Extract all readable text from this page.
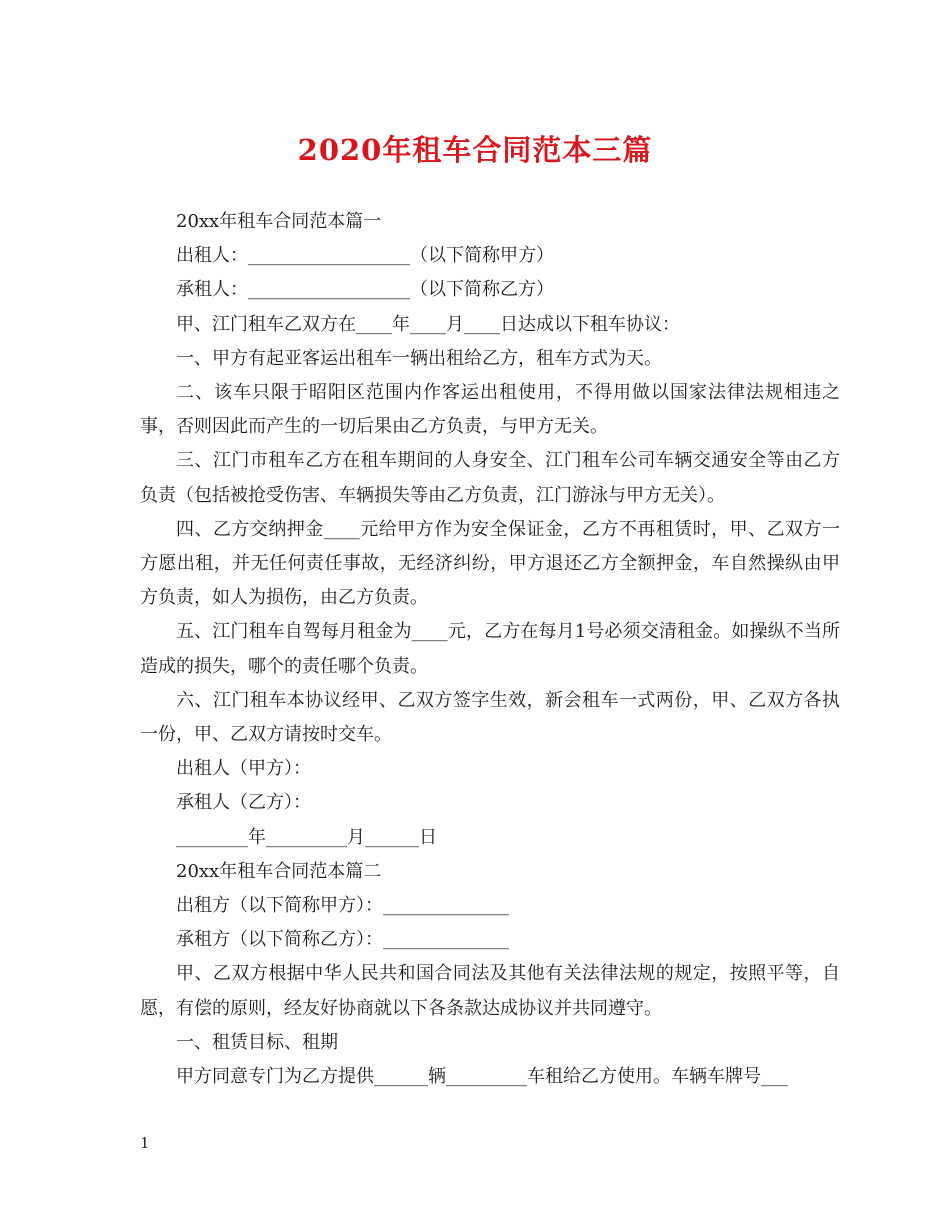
2020年租车合同范本三篇

20xx年租车合同范本篇一

出租人：__________________（以下简称甲方）

承租人：__________________（以下简称乙方）

甲、江门租车乙双方在____年____月____日达成以下租车协议：

一、甲方有起亚客运出租车一辆出租给乙方，租车方式为天。

二、该车只限于昭阳区范围内作客运出租使用，不得用做以国家法律法规相违之事，否则因此而产生的一切后果由乙方负责，与甲方无关。

三、江门市租车乙方在租车期间的人身安全、江门租车公司车辆交通安全等由乙方负责（包括被抢受伤害、车辆损失等由乙方负责，江门游泳与甲方无关）。

四、乙方交纳押金____元给甲方作为安全保证金，乙方不再租赁时，甲、乙双方一方愿出租，并无任何责任事故，无经济纠纷，甲方退还乙方全额押金，车自然操纵由甲方负责，如人为损伤，由乙方负责。

五、江门租车自驾每月租金为____元，乙方在每月1号必须交清租金。如操纵不当所造成的损失，哪个的责任哪个负责。

六、江门租车本协议经甲、乙双方签字生效，新会租车一式两份，甲、乙双方各执一份，甲、乙双方请按时交车。

出租人（甲方）：

承租人（乙方）：

________年_________月______日

20xx年租车合同范本篇二

出租方（以下简称甲方）：______________

承租方（以下简称乙方）：______________

甲、乙双方根据中华人民共和国合同法及其他有关法律法规的规定，按照平等，自愿，有偿的原则，经友好协商就以下各条款达成协议并共同遵守。

一、租赁目标、租期

甲方同意专门为乙方提供______辆_________车租给乙方使用。车辆车牌号___

1
